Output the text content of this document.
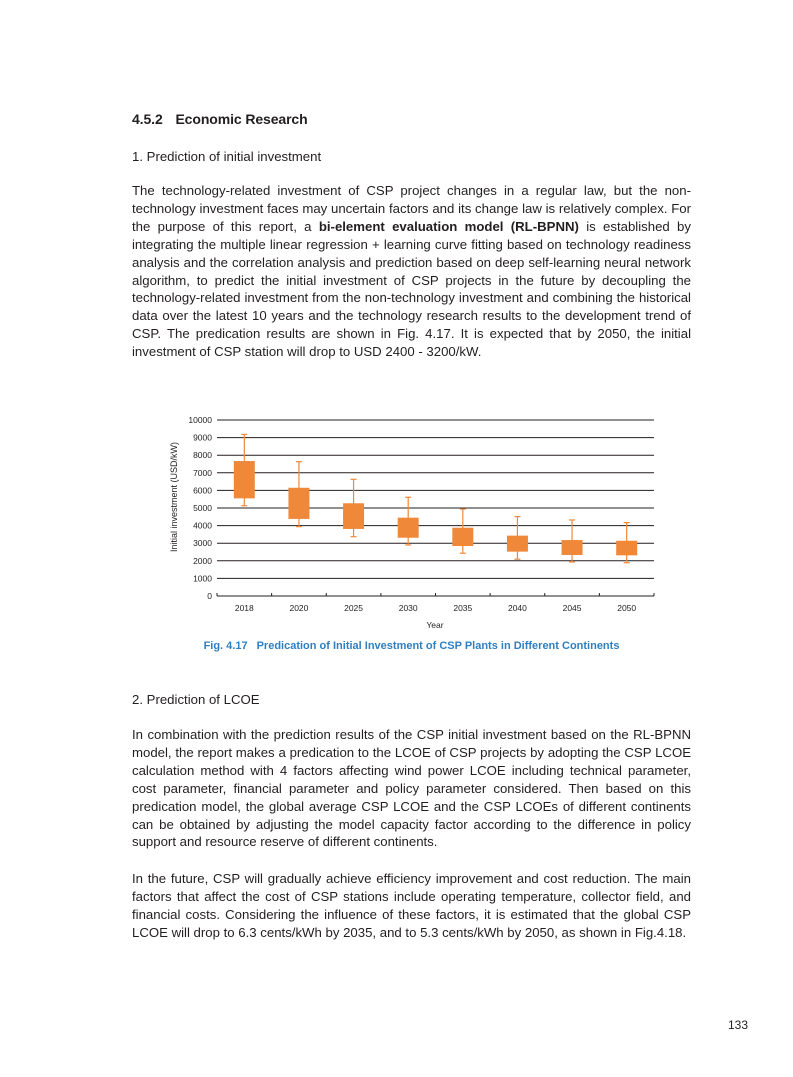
4.5.2 Economic Research
1. Prediction of initial investment
The technology-related investment of CSP project changes in a regular law, but the non-technology investment faces may uncertain factors and its change law is relatively complex. For the purpose of this report, a bi-element evaluation model (RL-BPNN) is established by integrating the multiple linear regression + learning curve fitting based on technology readiness analysis and the correlation analysis and prediction based on deep self-learning neural network algorithm, to predict the initial investment of CSP projects in the future by decoupling the technology-related investment from the non-technology investment and combining the historical data over the latest 10 years and the technology research results to the development trend of CSP. The predication results are shown in Fig. 4.17. It is expected that by 2050, the initial investment of CSP station will drop to USD 2400 - 3200/kW.
0
1000
2000
3000
4000
5000
6000
7000
8000
9000
10000
2018	2020	2025	2030	2035	2040	2045	2050
Initial investment (USD/kW)
Year
Fig. 4.17 Predication of Initial Investment of CSP Plants in Different Continents
2. Prediction of LCOE
In combination with the prediction results of the CSP initial investment based on the RL-BPNN model, the report makes a predication to the LCOE of CSP projects by adopting the CSP LCOE calculation method with 4 factors affecting wind power LCOE including technical parameter, cost parameter, financial parameter and policy parameter considered. Then based on this predication model, the global average CSP LCOE and the CSP LCOEs of different continents can be obtained by adjusting the model capacity factor according to the difference in policy support and resource reserve of different continents.
In the future, CSP will gradually achieve efficiency improvement and cost reduction. The main factors that affect the cost of CSP stations include operating temperature, collector field, and financial costs. Considering the influence of these factors, it is estimated that the global CSP LCOE will drop to 6.3 cents/kWh by 2035, and to 5.3 cents/kWh by 2050, as shown in Fig.4.18.
133
